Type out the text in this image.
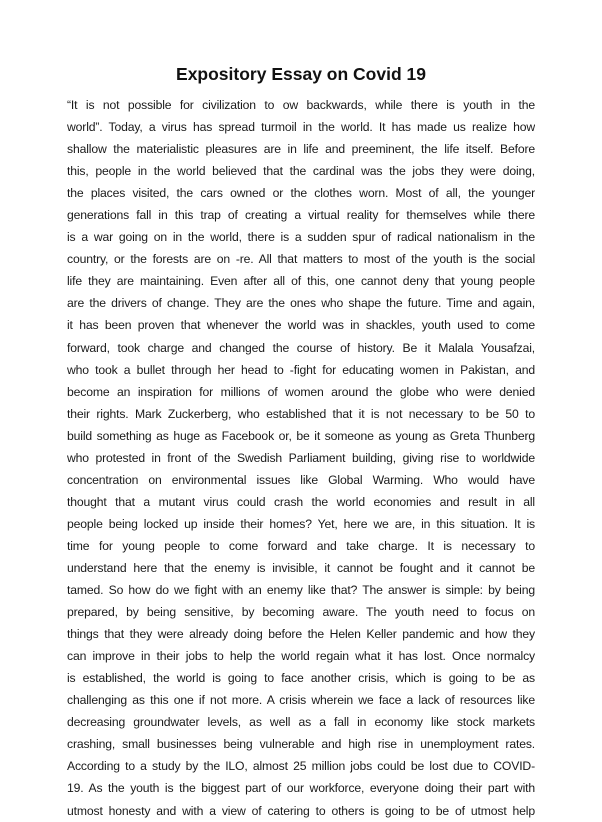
Expository Essay on Covid 19
“It is not possible for civilization to ow backwards, while there is youth in the
world”. Today, a virus has spread turmoil in the world. It has made us realize how
shallow the materialistic pleasures are in life and preeminent, the life itself. Before
this, people in the world believed that the cardinal was the jobs they were doing,
the places visited, the cars owned or the clothes worn. Most of all, the younger
generations fall in this trap of creating a virtual reality for themselves while there
is a war going on in the world, there is a sudden spur of radical nationalism in the
country, or the forests are on -re. All that matters to most of the youth is the social
life they are maintaining. Even after all of this, one cannot deny that young people
are the drivers of change. They are the ones who shape the future. Time and again,
it has been proven that whenever the world was in shackles, youth used to come
forward, took charge and changed the course of history. Be it Malala Yousafzai,
who took a bullet through her head to -fight for educating women in Pakistan, and
become an inspiration for millions of women around the globe who were denied
their rights. Mark Zuckerberg, who established that it is not necessary to be 50 to
build something as huge as Facebook or, be it someone as young as Greta Thunberg
who protested in front of the Swedish Parliament building, giving rise to worldwide
concentration on environmental issues like Global Warming. Who would have
thought that a mutant virus could crash the world economies and result in all
people being locked up inside their homes? Yet, here we are, in this situation. It is
time for young people to come forward and take charge. It is necessary to
understand here that the enemy is invisible, it cannot be fought and it cannot be
tamed. So how do we fight with an enemy like that? The answer is simple: by being
prepared, by being sensitive, by becoming aware. The youth need to focus on
things that they were already doing before the Helen Keller pandemic and how they
can improve in their jobs to help the world regain what it has lost. Once normalcy
is established, the world is going to face another crisis, which is going to be as
challenging as this one if not more. A crisis wherein we face a lack of resources like
decreasing groundwater levels, as well as a fall in economy like stock markets
crashing, small businesses being vulnerable and high rise in unemployment rates.
According to a study by the ILO, almost 25 million jobs could be lost due to COVID-
19. As the youth is the biggest part of our workforce, everyone doing their part with
utmost honesty and with a view of catering to others is going to be of utmost help
